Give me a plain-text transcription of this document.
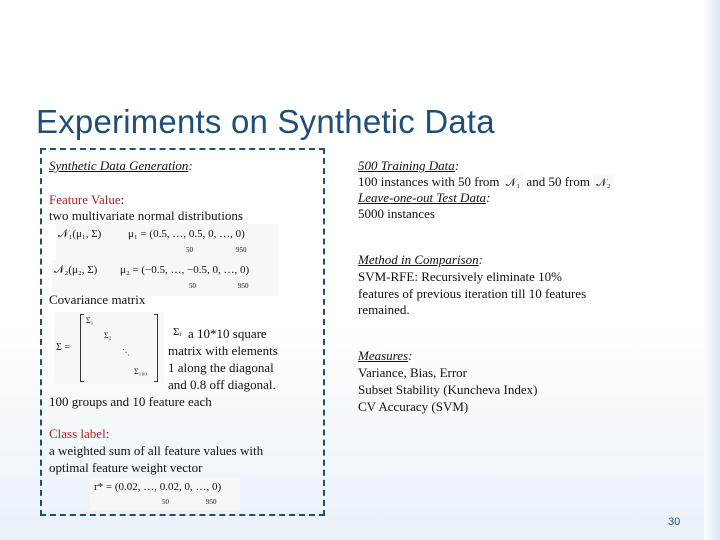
Experiments on Synthetic Data
Synthetic Data Generation:
Feature Value:
two multivariate normal distributions
𝒩₁(μ₁, Σ) μ₁ = (0.5, …, 0.5, 0, …, 0)
50	950
𝒩₂(μ₂, Σ) μ₂ = (−0.5, …, −0.5, 0, …, 0)
50	950
Covariance matrix
Σ =
Σ₁
Σ₂
⋱
Σ₁₀₀
Σᵢ a 10*10 square
matrix with elements
1 along the diagonal
and 0.8 off diagonal.
100 groups and 10 feature each
Class label:
a weighted sum of all feature values with
optimal feature weight vector
r* = (0.02, …, 0.02, 0, …, 0)
50	950
500 Training Data:
100 instances with 50 from 𝒩₁ and 50 from 𝒩₂
Leave-one-out Test Data:
5000 instances
Method in Comparison:
SVM-RFE: Recursively eliminate 10%
features of previous iteration till 10 features
remained.
Measures:
Variance, Bias, Error
Subset Stability (Kuncheva Index)
CV Accuracy (SVM)
30
